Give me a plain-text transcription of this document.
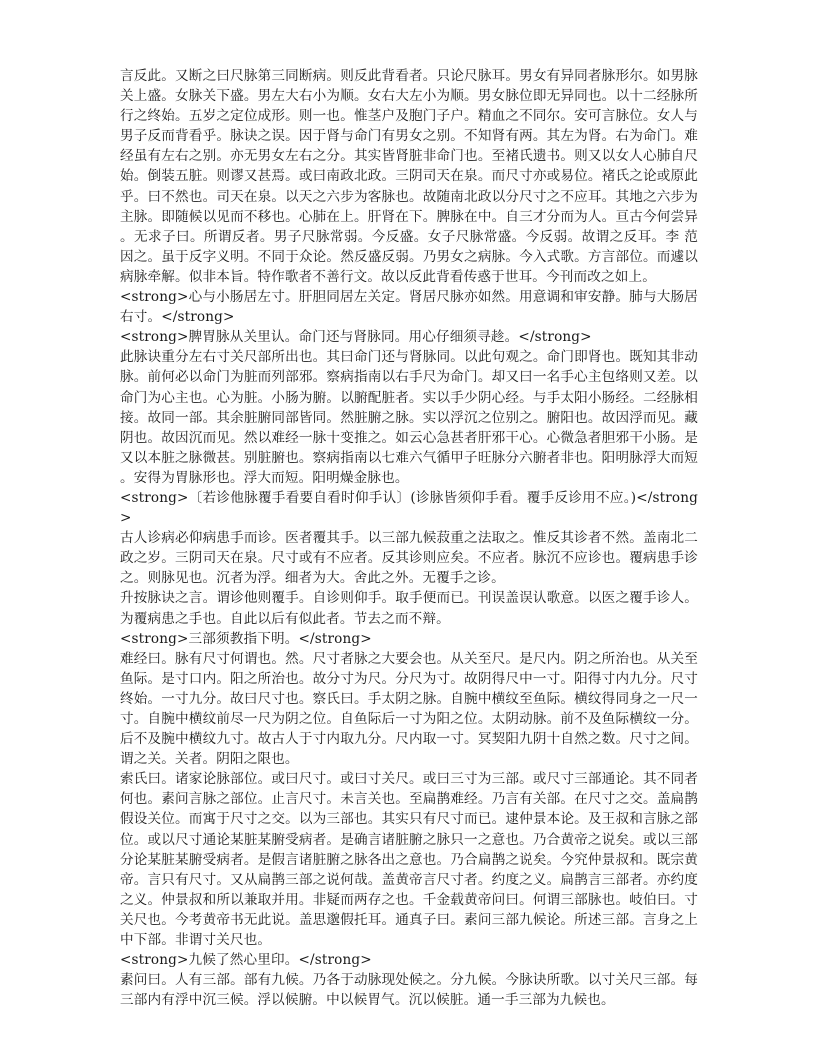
言反此。又断之曰尺脉第三同断病。则反此背看者。只论尺脉耳。男女有异同者脉形尔。如男脉关上盛。女脉关下盛。男左大右小为顺。女右大左小为顺。男女脉位即无异同也。以十二经脉所行之终始。五岁之定位成形。则一也。惟茎户及胞门子户。精血之不同尔。安可言脉位。女人与男子反而背看乎。脉诀之误。因于肾与命门有男女之别。不知肾有两。其左为肾。右为命门。难经虽有左右之别。亦无男女左右之分。其实皆肾脏非命门也。至褚氏遗书。则又以女人心肺自尺始。倒装五脏。则谬又甚焉。或曰南政北政。三阴司天在泉。而尺寸亦或易位。褚氏之论或原此乎。曰不然也。司天在泉。以天之六步为客脉也。故随南北政以分尺寸之不应耳。其地之六步为主脉。即随候以见而不移也。心肺在上。肝肾在下。脾脉在中。自三才分而为人。亘古今何尝异。无求子曰。所谓反者。男子尺脉常弱。今反盛。女子尺脉常盛。今反弱。故谓之反耳。李 范因之。虽于反字义明。不同于众论。然反盛反弱。乃男女之病脉。今入式歌。方言部位。而遽以病脉牵解。似非本旨。特作歌者不善行文。故以反此背看传惑于世耳。今刊而改之如上。

<strong>心与小肠居左寸。肝胆同居左关定。肾居尺脉亦如然。用意调和审安静。肺与大肠居右寸。</strong>

<strong>脾胃脉从关里认。命门还与肾脉同。用心仔细须寻趁。</strong>

此脉诀重分左右寸关尺部所出也。其曰命门还与肾脉同。以此句观之。命门即肾也。既知其非动脉。前何必以命门为脏而列部邪。察病指南以右手尺为命门。却又曰一名手心主包络则又差。以命门为心主也。心为脏。小肠为腑。以腑配脏者。实以手少阴心经。与手太阳小肠经。二经脉相接。故同一部。其余脏腑同部皆同。然脏腑之脉。实以浮沉之位别之。腑阳也。故因浮而见。藏阴也。故因沉而见。然以难经一脉十变推之。如云心急甚者肝邪干心。心微急者胆邪干小肠。是又以本脏之脉微甚。别脏腑也。察病指南以七难六气循甲子旺脉分六腑者非也。阳明脉浮大而短。安得为胃脉形也。浮大而短。阳明燥金脉也。

<strong>〔若诊他脉覆手看要自看时仰手认〕(诊脉皆须仰手看。覆手反诊用不应。)</strong>

古人诊病必仰病患手而诊。医者覆其手。以三部九候菽重之法取之。惟反其诊者不然。盖南北二政之岁。三阴司天在泉。尺寸或有不应者。反其诊则应矣。不应者。脉沉不应诊也。覆病患手诊之。则脉见也。沉者为浮。细者为大。舍此之外。无覆手之诊。

升按脉诀之言。谓诊他则覆手。自诊则仰手。取手便而已。刊误盖误认歌意。以医之覆手诊人。为覆病患之手也。自此以后有似此者。节去之而不辩。

<strong>三部须教指下明。</strong>

难经曰。脉有尺寸何谓也。然。尺寸者脉之大要会也。从关至尺。是尺内。阴之所治也。从关至鱼际。是寸口内。阳之所治也。故分寸为尺。分尺为寸。故阴得尺中一寸。阳得寸内九分。尺寸终始。一寸九分。故曰尺寸也。察氏曰。手太阴之脉。自腕中横纹至鱼际。横纹得同身之一尺一寸。自腕中横纹前尽一尺为阴之位。自鱼际后一寸为阳之位。太阴动脉。前不及鱼际横纹一分。后不及腕中横纹九寸。故古人于寸内取九分。尺内取一寸。冥契阳九阴十自然之数。尺寸之间。谓之关。关者。阴阳之限也。

索氏曰。诸家论脉部位。或曰尺寸。或曰寸关尺。或曰三寸为三部。或尺寸三部通论。其不同者何也。素问言脉之部位。止言尺寸。未言关也。至扁鹊难经。乃言有关部。在尺寸之交。盖扁鹊假设关位。而寓于尺寸之交。以为三部也。其实只有尺寸而已。逮仲景本论。及王叔和言脉之部位。或以尺寸通论某脏某腑受病者。是确言诸脏腑之脉只一之意也。乃合黄帝之说矣。或以三部分论某脏某腑受病者。是假言诸脏腑之脉各出之意也。乃合扁鹊之说矣。今究仲景叔和。既宗黄帝。言只有尺寸。又从扁鹊三部之说何哉。盖黄帝言尺寸者。约度之义。扁鹊言三部者。亦约度之义。仲景叔和所以兼取并用。非疑而两存之也。千金载黄帝问曰。何谓三部脉也。岐伯曰。寸关尺也。今考黄帝书无此说。盖思邈假托耳。通真子曰。素问三部九候论。所述三部。言身之上中下部。非谓寸关尺也。

<strong>九候了然心里印。</strong>

素问曰。人有三部。部有九候。乃各于动脉现处候之。分九候。今脉诀所歌。以寸关尺三部。每三部内有浮中沉三候。浮以候腑。中以候胃气。沉以候脏。通一手三部为九候也。
